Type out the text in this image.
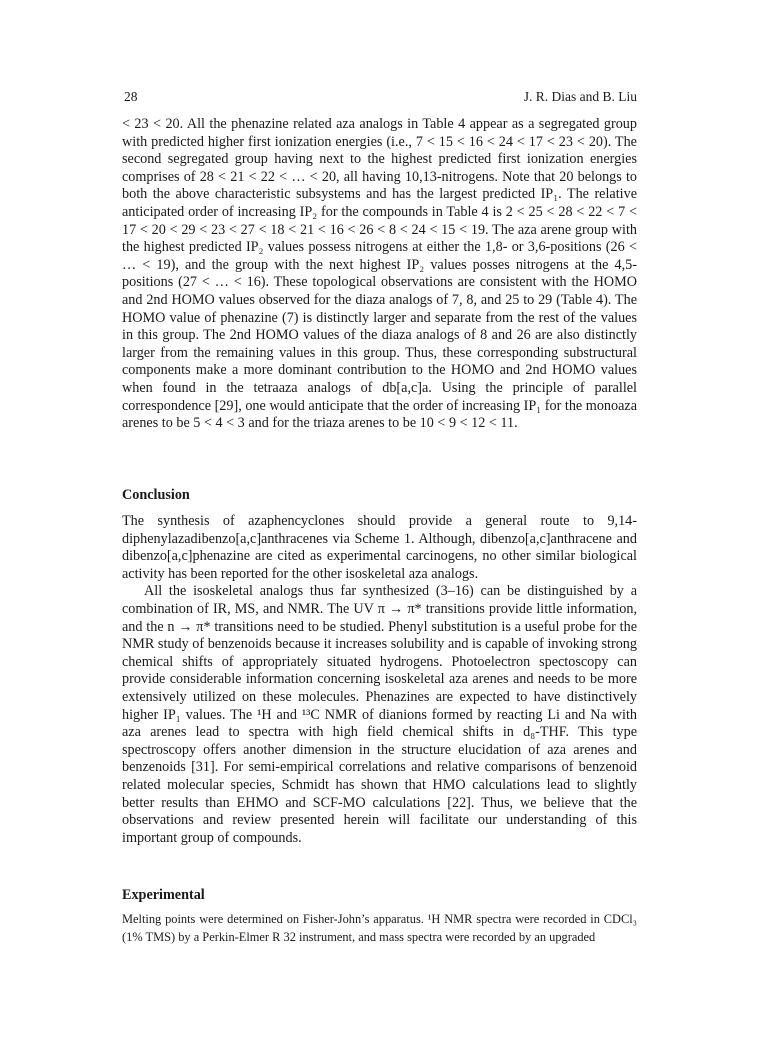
28	J. R. Dias and B. Liu

< 23 < 20. All the phenazine related aza analogs in Table 4 appear as a segregated group with predicted higher first ionization energies (i.e., 7 < 15 < 16 < 24 < 17 < 23 < 20). The second segregated group having next to the highest predicted first ionization energies comprises of 28 < 21 < 22 < … < 20, all having 10,13-nitrogens. Note that 20 belongs to both the above characteristic subsystems and has the largest predicted IP₁. The relative anticipated order of increasing IP₂ for the compounds in Table 4 is 2 < 25 < 28 < 22 < 7 < 17 < 20 < 29 < 23 < 27 < 18 < 21 < 16 < 26 < 8 < 24 < 15 < 19. The aza arene group with the highest predicted IP₂ values possess nitrogens at either the 1,8- or 3,6-positions (26 < … < 19), and the group with the next highest IP₂ values posses nitrogens at the 4,5-positions (27 < … < 16). These topological observations are consistent with the HOMO and 2nd HOMO values observed for the diaza analogs of 7, 8, and 25 to 29 (Table 4). The HOMO value of phenazine (7) is distinctly larger and separate from the rest of the values in this group. The 2nd HOMO values of the diaza analogs of 8 and 26 are also distinctly larger from the remaining values in this group. Thus, these corresponding substructural components make a more dominant contribution to the HOMO and 2nd HOMO values when found in the tetraaza analogs of db[a,c]a. Using the principle of parallel correspondence [29], one would anticipate that the order of increasing IP₁ for the monoaza arenes to be 5 < 4 < 3 and for the triaza arenes to be 10 < 9 < 12 < 11.

Conclusion

The synthesis of azaphencyclones should provide a general route to 9,14-diphenylazadibenzo[a,c]anthracenes via Scheme 1. Although, dibenzo[a,c]anthracene and dibenzo[a,c]phenazine are cited as experimental carcinogens, no other similar biological activity has been reported for the other isoskeletal aza analogs.

All the isoskeletal analogs thus far synthesized (3–16) can be distinguished by a combination of IR, MS, and NMR. The UV π → π* transitions provide little information, and the n → π* transitions need to be studied. Phenyl substitution is a useful probe for the NMR study of benzenoids because it increases solubility and is capable of invoking strong chemical shifts of appropriately situated hydrogens. Photoelectron spectoscopy can provide considerable information concerning isoskeletal aza arenes and needs to be more extensively utilized on these molecules. Phenazines are expected to have distinctively higher IP₁ values. The ¹H and ¹³C NMR of dianions formed by reacting Li and Na with aza arenes lead to spectra with high field chemical shifts in d₈-THF. This type spectroscopy offers another dimension in the structure elucidation of aza arenes and benzenoids [31]. For semi-empirical correlations and relative comparisons of benzenoid related molecular species, Schmidt has shown that HMO calculations lead to slightly better results than EHMO and SCF-MO calculations [22]. Thus, we believe that the observations and review presented herein will facilitate our understanding of this important group of compounds.

Experimental

Melting points were determined on Fisher-John’s apparatus. ¹H NMR spectra were recorded in CDCl₃ (1% TMS) by a Perkin-Elmer R 32 instrument, and mass spectra were recorded by an upgraded
